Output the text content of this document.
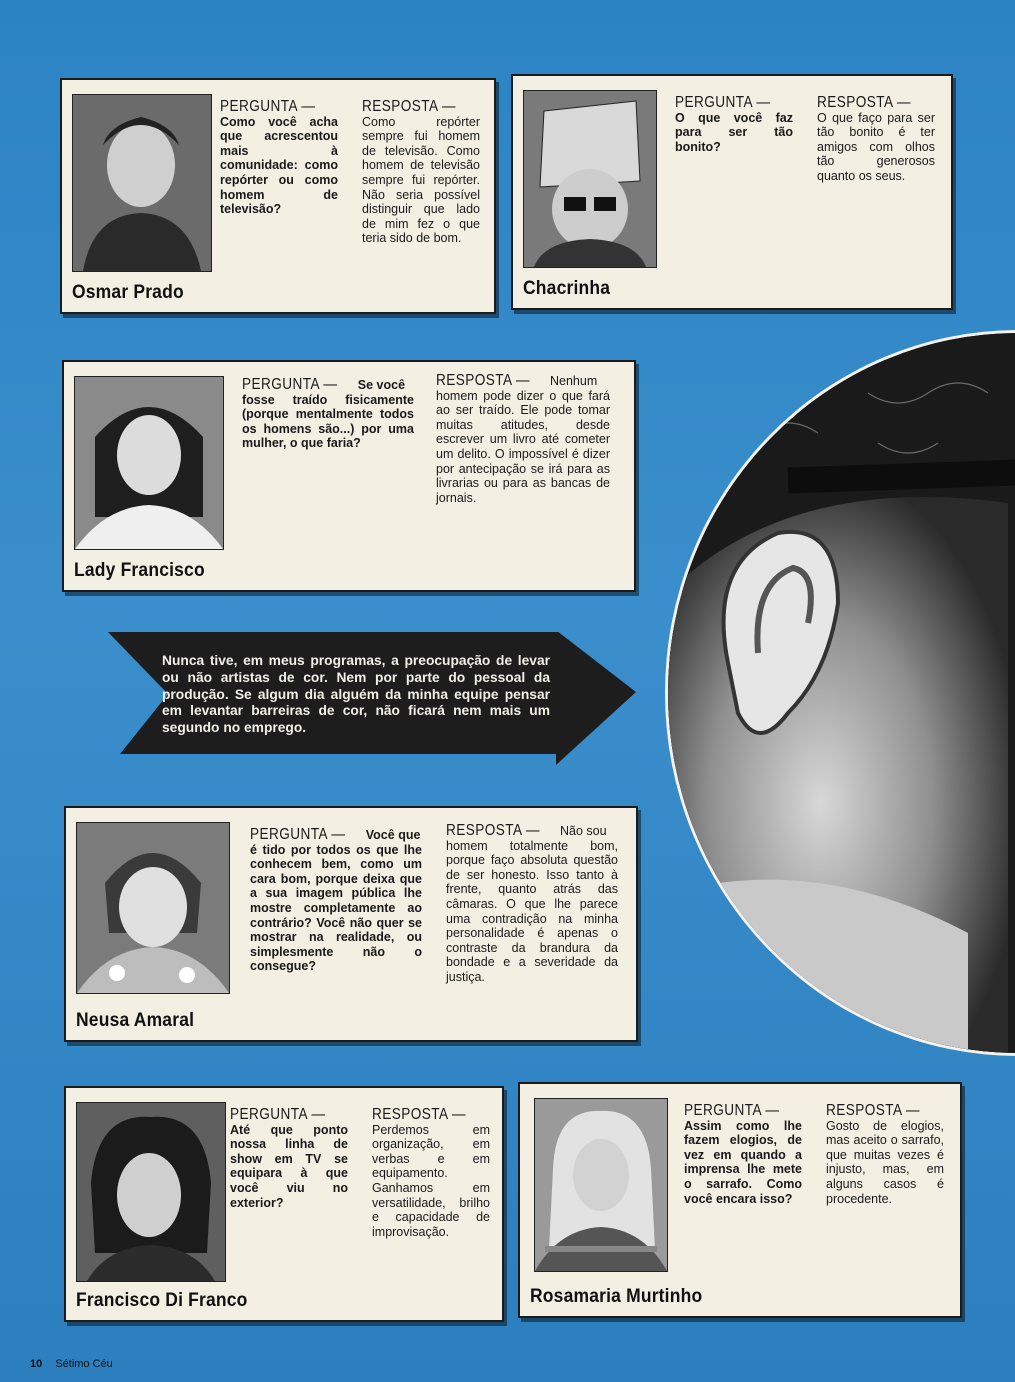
Osmar Prado
PERGUNTA —

Como você acha que acrescentou mais à comunidade: como repórter ou como homem de televisão?

RESPOSTA —

Como repórter sempre fui homem de televisão. Como homem de televisão sempre fui repórter. Não seria possível distinguir que lado de mim fez o que teria sido de bom.

Chacrinha
PERGUNTA —

O que você faz para ser tão bonito?

RESPOSTA —

O que faço para ser tão bonito é ter amigos com olhos tão generosos quanto os seus.

Lady Francisco
PERGUNTA — Se você

fosse traído fisicamente (porque mentalmente todos os homens são...) por uma mulher, o que faria?

RESPOSTA — Nenhum

homem pode dizer o que fará ao ser traído. Ele pode tomar muitas atitudes, desde escrever um livro até cometer um delito. O impossível é dizer por antecipação se irá para as livrarias ou para as bancas de jornais.

Nunca tive, em meus programas, a preocupação de levar ou não artistas de cor. Nem por parte do pessoal da produção. Se algum dia alguém da minha equipe pensar em levantar barreiras de cor, não ficará nem mais um segundo no emprego.
Neusa Amaral
PERGUNTA — Você que

é tido por todos os que lhe conhecem bem, como um cara bom, porque deixa que a sua imagem pública lhe mostre completamente ao contrário? Você não quer se mostrar na realidade, ou simplesmente não o consegue?

RESPOSTA — Não sou

homem totalmente bom, porque faço absoluta questão de ser honesto. Isso tanto à frente, quanto atrás das câmaras. O que lhe parece uma contradição na minha personalidade é apenas o contraste da brandura da bondade e a severidade da justiça.

Francisco Di Franco
PERGUNTA —

Até que ponto nossa linha de show em TV se equipara à que você viu no exterior?

RESPOSTA —

Perdemos em organização, em verbas e em equipamento. Ganhamos em versatilidade, brilho e capacidade de improvisação.

Rosamaria Murtinho
PERGUNTA —

Assim como lhe fazem elogios, de vez em quando a imprensa lhe mete o sarrafo. Como você encara isso?

RESPOSTA —

Gosto de elogios, mas aceito o sarrafo, que muitas vezes é injusto, mas, em alguns casos é procedente.

10 Sétimo Céu
